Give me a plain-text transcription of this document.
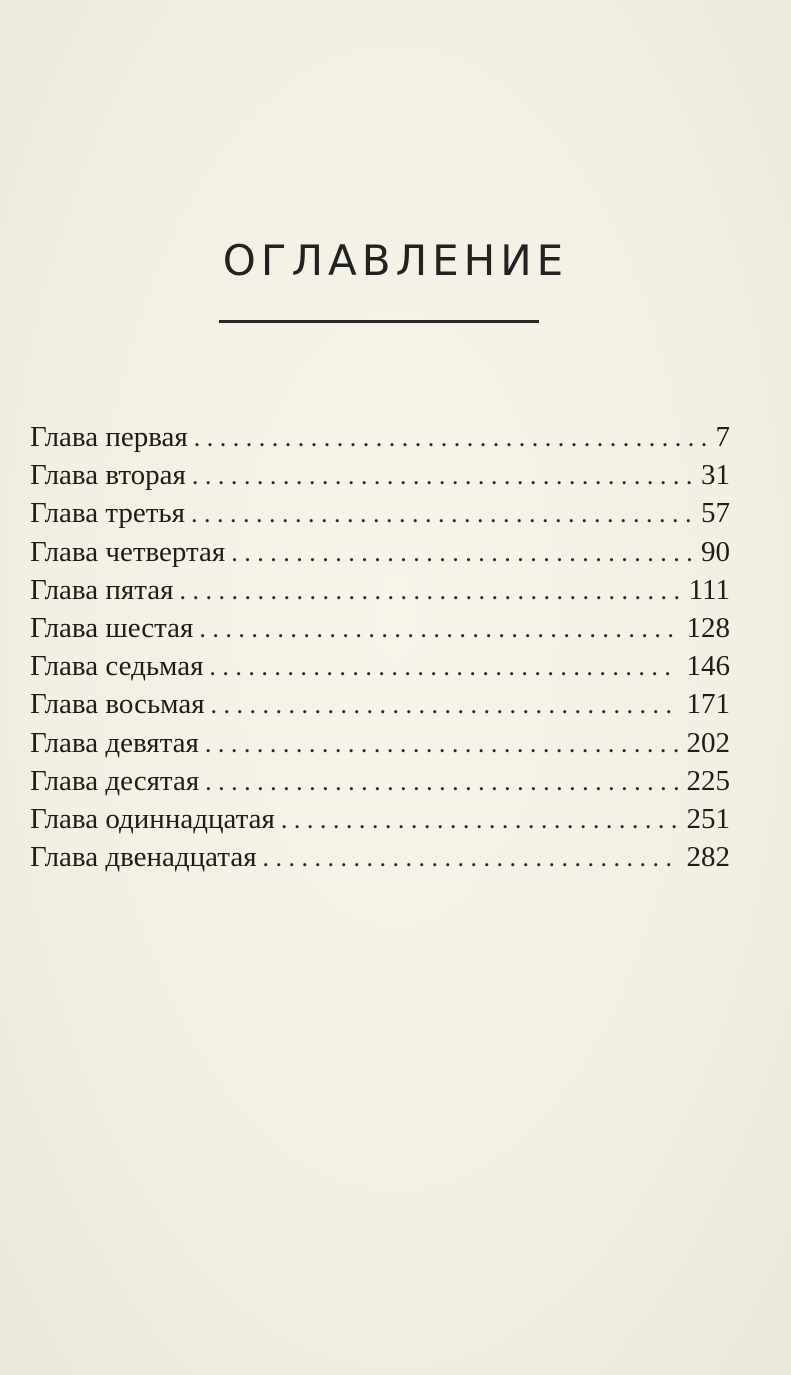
ОГЛАВЛЕНИЕ
Глава первая . . .	7
Глава вторая . . .	31
Глава третья . . .	57
Глава четвертая . . .	90
Глава пятая . . .	111
Глава шестая . . .	128
Глава седьмая . . .	146
Глава восьмая . . .	171
Глава девятая . . .	202
Глава десятая . . .	225
Глава одиннадцатая . . .	251
Глава двенадцатая . . .	282
